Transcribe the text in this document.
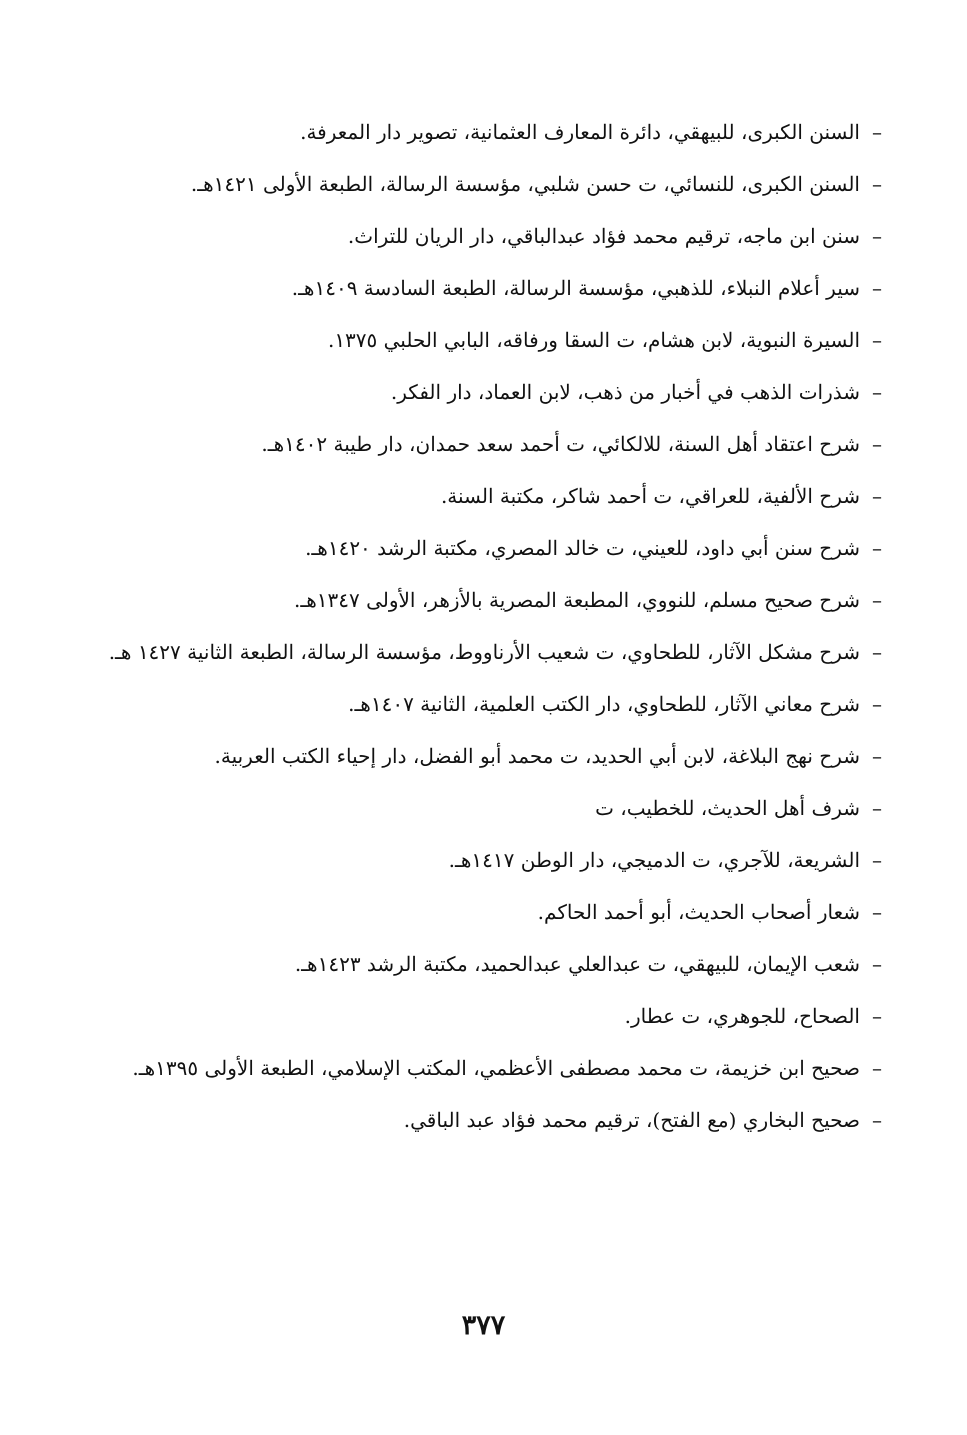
–السنن الكبرى، للبيهقي، دائرة المعارف العثمانية، تصوير دار المعرفة.
–السنن الكبرى، للنسائي، ت حسن شلبي، مؤسسة الرسالة، الطبعة الأولى ١٤٢١هـ.
–سنن ابن ماجه، ترقيم محمد فؤاد عبدالباقي، دار الريان للتراث.
–سير أعلام النبلاء، للذهبي، مؤسسة الرسالة، الطبعة السادسة ١٤٠٩هـ.
–السيرة النبوية، لابن هشام، ت السقا ورفاقه، البابي الحلبي ١٣٧٥.
–شذرات الذهب في أخبار من ذهب، لابن العماد، دار الفكر.
–شرح اعتقاد أهل السنة، للالكائي، ت أحمد سعد حمدان، دار طيبة ١٤٠٢هـ.
–شرح الألفية، للعراقي، ت أحمد شاكر، مكتبة السنة.
–شرح سنن أبي داود، للعيني، ت خالد المصري، مكتبة الرشد ١٤٢٠هـ.
–شرح صحيح مسلم، للنووي، المطبعة المصرية بالأزهر، الأولى ١٣٤٧هـ.
–شرح مشكل الآثار، للطحاوي، ت شعيب الأرناووط، مؤسسة الرسالة، الطبعة الثانية ١٤٢٧ هـ.
–شرح معاني الآثار، للطحاوي، دار الكتب العلمية، الثانية ١٤٠٧هـ.
–شرح نهج البلاغة، لابن أبي الحديد، ت محمد أبو الفضل، دار إحياء الكتب العربية.
–شرف أهل الحديث، للخطيب، ت
–الشريعة، للآجري، ت الدميجي، دار الوطن ١٤١٧هـ.
–شعار أصحاب الحديث، أبو أحمد الحاكم.
–شعب الإيمان، للبيهقي، ت عبدالعلي عبدالحميد، مكتبة الرشد ١٤٢٣هـ.
–الصحاح، للجوهري، ت عطار.
–صحيح ابن خزيمة، ت محمد مصطفى الأعظمي، المكتب الإسلامي، الطبعة الأولى ١٣٩٥هـ.
–صحيح البخاري (مع الفتح)، ترقيم محمد فؤاد عبد الباقي.
٣٧٧
